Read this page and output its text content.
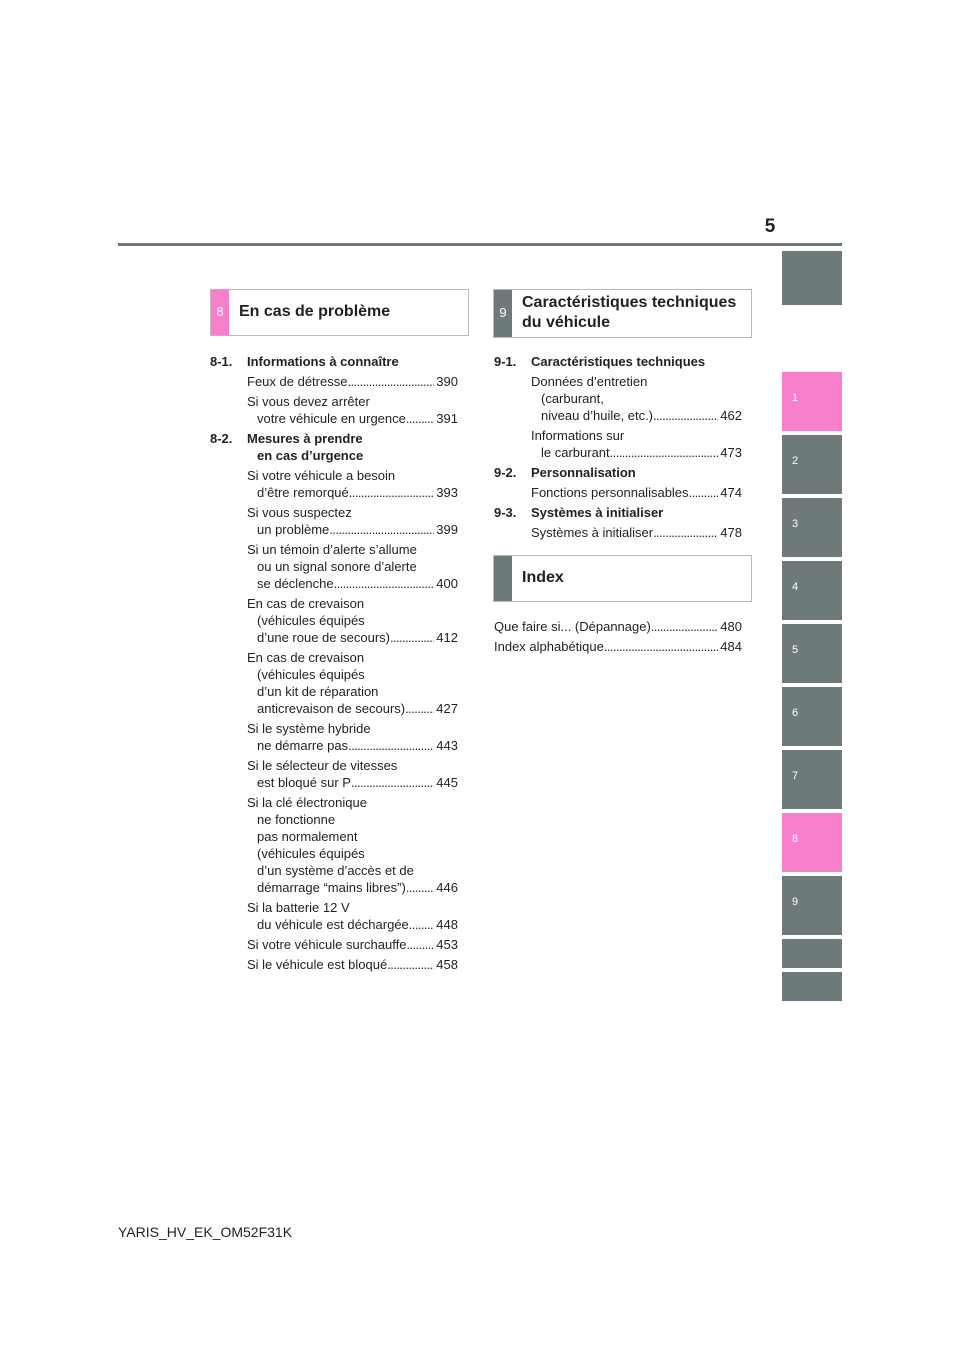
5
1
2
3
4
5
6
7
8
9
8 En cas de problème	9
Caractéristiques techniques
du véhicule
Index
8-1. Informations à connaître
Feux de détresse . . .	390
Si vous devez arrêter
votre véhicule en urgence . . . 391
8-2. Mesures à prendre
en cas d’urgence
Si votre véhicule a besoin
d’être remorqué . . .	393
Si vous suspectez
un problème . . .	399
Si un témoin d’alerte s’allume
ou un signal sonore d’alerte
se déclenche . . .	400
En cas de crevaison
(véhicules équipés
d’une roue de secours) . . .	412
En cas de crevaison
(véhicules équipés
d’un kit de réparation
anticrevaison de secours) . . . 427
Si le système hybride
ne démarre pas . . .	443
Si le sélecteur de vitesses
est bloqué sur P . . .	445
Si la clé électronique
ne fonctionne
pas normalement
(véhicules équipés
d’un système d’accès et de
démarrage “mains libres”) . . . 446
Si la batterie 12 V
du véhicule est déchargée . . . 448
Si votre véhicule surchauffe . . . 453
Si le véhicule est bloqué . . .	458
9-1. Caractéristiques techniques
Données d’entretien
(carburant,
niveau d’huile, etc.) . . .	462
Informations sur
le carburant . . .	473
9-2. Personnalisation
Fonctions personnalisables . . . 474
9-3. Systèmes à initialiser
Systèmes à initialiser . . .	478
Que faire si... (Dépannage) . . .	480
Index alphabétique . . .	484
YARIS_HV_EK_OM52F31K
